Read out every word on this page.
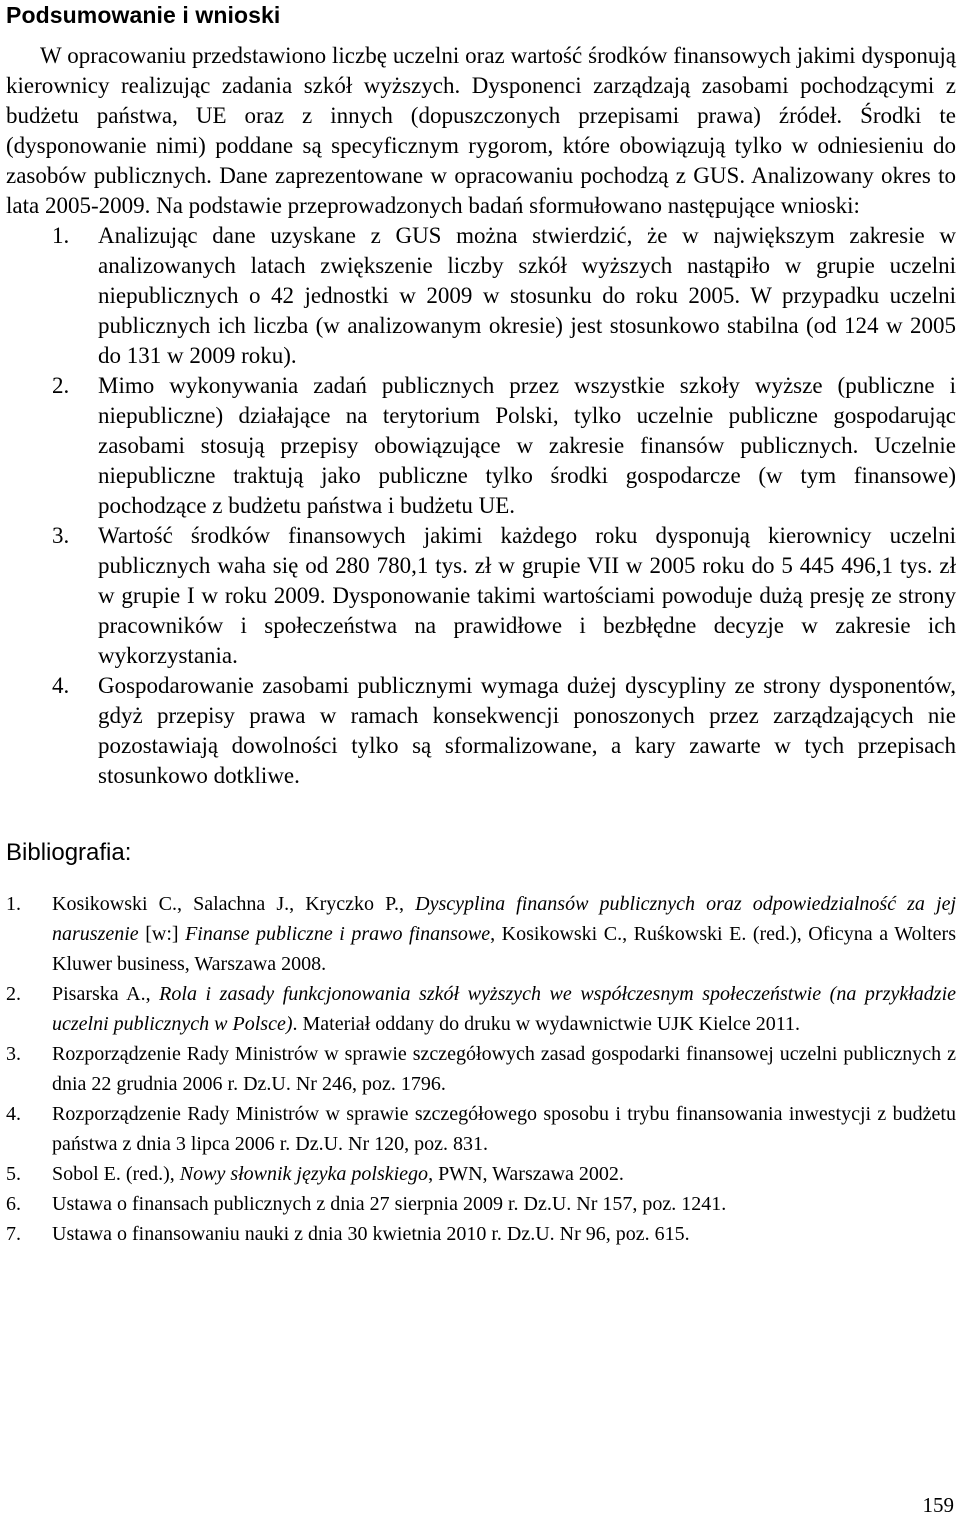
Podsumowanie i wnioski

W opracowaniu przedstawiono liczbę uczelni oraz wartość środków finansowych jakimi dysponują kierownicy realizując zadania szkół wyższych. Dysponenci zarządzają zasobami pochodzącymi z budżetu państwa, UE oraz z innych (dopuszczonych przepisami prawa) źródeł. Środki te (dysponowanie nimi) poddane są specyficznym rygorom, które obowiązują tylko w odniesieniu do zasobów publicznych. Dane zaprezentowane w opracowaniu pochodzą z GUS. Analizowany okres to lata 2005-2009. Na podstawie przeprowadzonych badań sformułowano następujące wnioski:

1. Analizując dane uzyskane z GUS można stwierdzić, że w największym zakresie w analizowanych latach zwiększenie liczby szkół wyższych nastąpiło w grupie uczelni niepublicznych o 42 jednostki w 2009 w stosunku do roku 2005. W przypadku uczelni publicznych ich liczba (w analizowanym okresie) jest stosunkowo stabilna (od 124 w 2005 do 131 w 2009 roku).
2. Mimo wykonywania zadań publicznych przez wszystkie szkoły wyższe (publiczne i niepubliczne) działające na terytorium Polski, tylko uczelnie publiczne gospodarując zasobami stosują przepisy obowiązujące w zakresie finansów publicznych. Uczelnie niepubliczne traktują jako publiczne tylko środki gospodarcze (w tym finansowe) pochodzące z budżetu państwa i budżetu UE.
3. Wartość środków finansowych jakimi każdego roku dysponują kierownicy uczelni publicznych waha się od 280 780,1 tys. zł w grupie VII w 2005 roku do 5 445 496,1 tys. zł w grupie I w roku 2009. Dysponowanie takimi wartościami powoduje dużą presję ze strony pracowników i społeczeństwa na prawidłowe i bezbłędne decyzje w zakresie ich wykorzystania.
4. Gospodarowanie zasobami publicznymi wymaga dużej dyscypliny ze strony dysponentów, gdyż przepisy prawa w ramach konsekwencji ponoszonych przez zarządzających nie pozostawiają dowolności tylko są sformalizowane, a kary zawarte w tych przepisach stosunkowo dotkliwe.
Bibliografia:
1. Kosikowski C., Salachna J., Kryczko P., Dyscyplina finansów publicznych oraz odpowiedzialność za jej naruszenie [w:] Finanse publiczne i prawo finansowe, Kosikowski C., Ruśkowski E. (red.), Oficyna a Wolters Kluwer business, Warszawa 2008.
2. Pisarska A., Rola i zasady funkcjonowania szkół wyższych we współczesnym społeczeństwie (na przykładzie uczelni publicznych w Polsce). Materiał oddany do druku w wydawnictwie UJK Kielce 2011.
3. Rozporządzenie Rady Ministrów w sprawie szczegółowych zasad gospodarki finansowej uczelni publicznych z dnia 22 grudnia 2006 r. Dz.U. Nr 246, poz. 1796.
4. Rozporządzenie Rady Ministrów w sprawie szczegółowego sposobu i trybu finansowania inwestycji z budżetu państwa z dnia 3 lipca 2006 r. Dz.U. Nr 120, poz. 831.
5. Sobol E. (red.), Nowy słownik języka polskiego, PWN, Warszawa 2002.
6. Ustawa o finansach publicznych z dnia 27 sierpnia 2009 r. Dz.U. Nr 157, poz. 1241.
7. Ustawa o finansowaniu nauki z dnia 30 kwietnia 2010 r. Dz.U. Nr 96, poz. 615.
159
